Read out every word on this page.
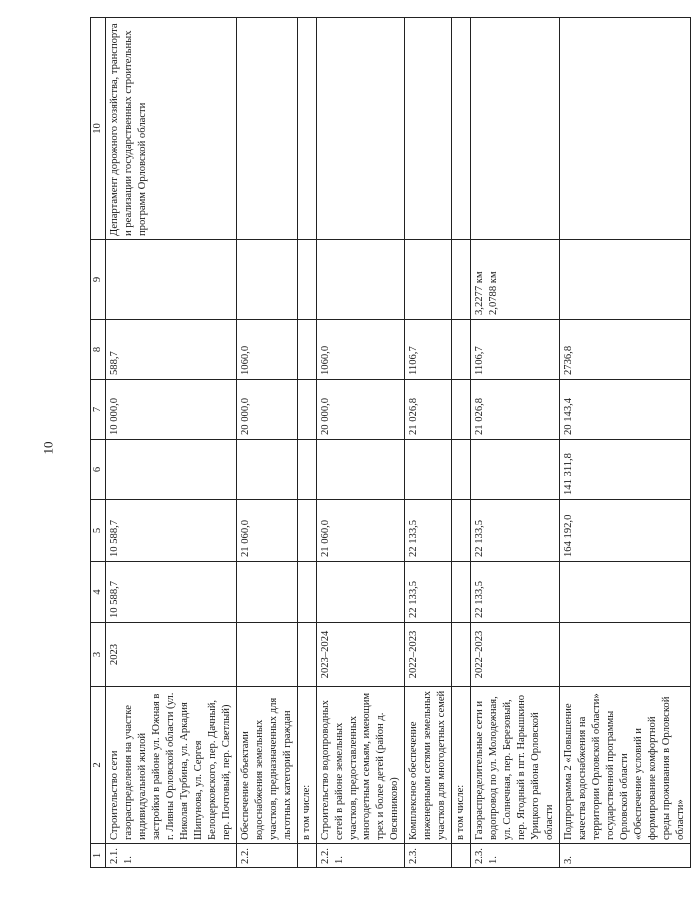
10
1	2	3	4	5	6	7	8	9	10
2.1.1.	Строительство сети газораспределения на участке индивидуальной жилой застройки в районе ул. Южная в г. Ливны Орловской области (ул. Николая Турбина, ул. Аркадия Шипунова, ул. Сергея Белоцерковского, пер. Дачный, пер. Почтовый, пер. Светлый)	2023	10 588,7	10 588,7		10 000,0	588,7		Департамент дорожного хозяйства, транспорта и реализации государственных строительных программ Орловской области
2.2.	Обеспечение объектами водоснабжения земельных участков, предназначенных для льготных категорий граждан			21 060,0		20 000,0	1060,0		
	в том числе:								
2.2.1.	Строительство водопроводных сетей в районе земельных участков, предоставленных многодетным семьям, имеющим трех и более детей (район д. Овсянниково)	2023–2024		21 060,0		20 000,0	1060,0		
2.3.	Комплексное обеспечение инженерными сетями земельных участков для многодетных семей	2022–2023	22 133,5	22 133,5		21 026,8	1106,7		
	в том числе:								
2.3.1.	Газораспределительные сети и водопровод по ул. Молодежная, ул. Солнечная, пер. Березовый, пер. Ягодный в пгт. Нарышкино Урицкого района Орловской области	2022–2023	22 133,5	22 133,5		21 026,8	1106,7	3,2277 км 2,0788 км	
3.	Подпрограмма 2 «Повышение качества водоснабжения на территории Орловской области» государственной программы Орловской области «Обеспечение условий и формирование комфортной среды проживания в Орловской области»			164 192,0	141 311,8	20 143,4	2736,8		
